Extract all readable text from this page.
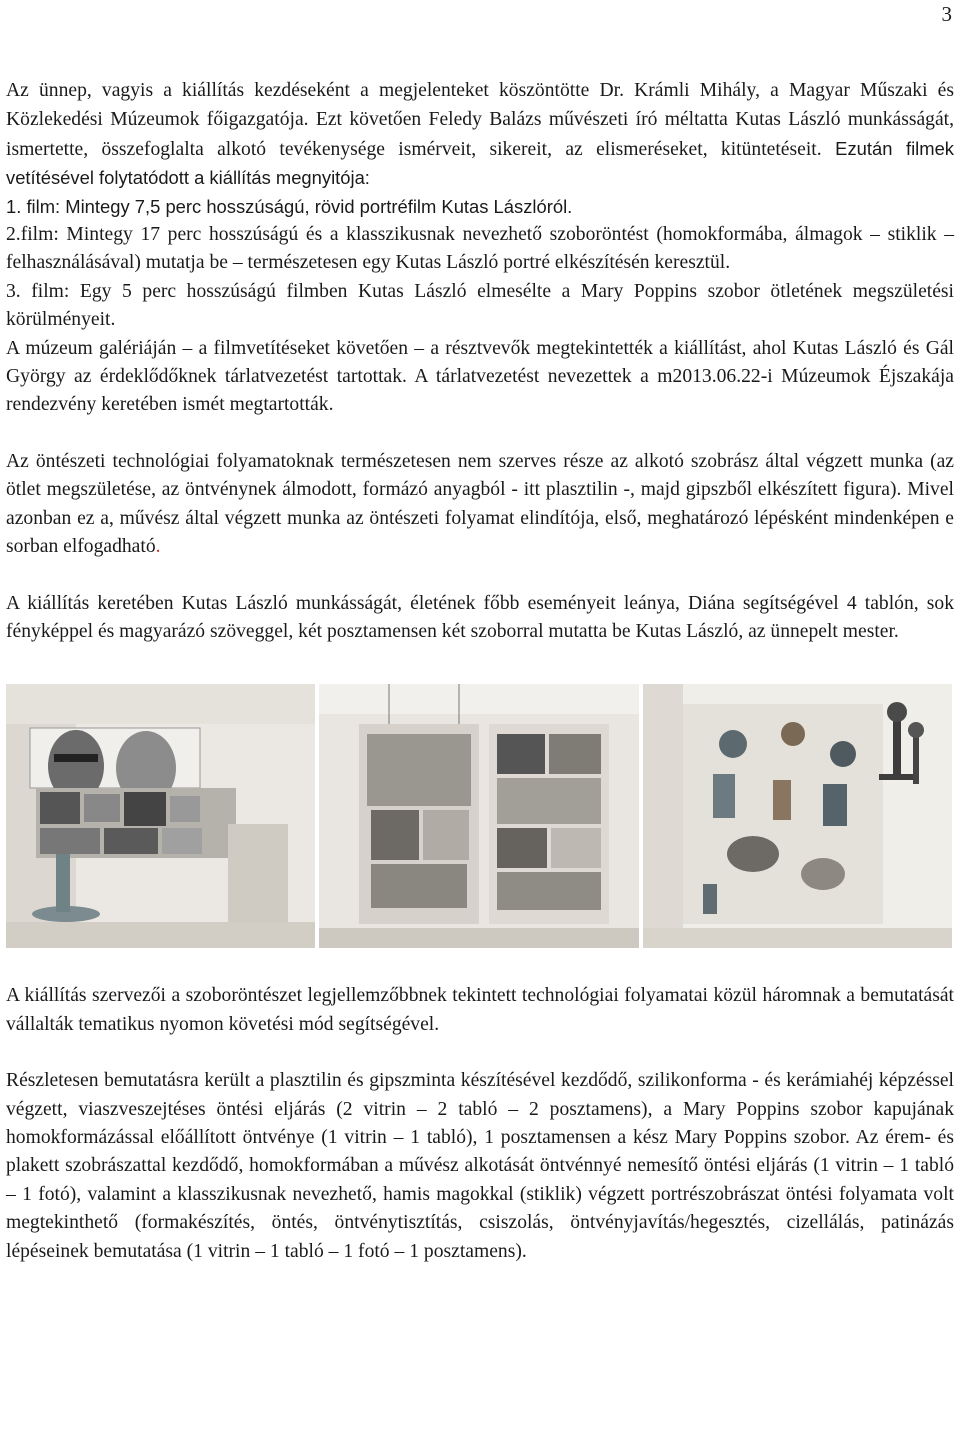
3

Az ünnep, vagyis a kiállítás kezdéseként a megjelenteket köszöntötte Dr. Krámli Mihály, a Magyar Műszaki és Közlekedési Múzeumok főigazgatója. Ezt követően Feledy Balázs művészeti író méltatta Kutas László munkásságát, ismertette, összefoglalta alkotó tevékenysége ismérveit, sikereit, az elismeréseket, kitüntetéseit. Ezután filmek vetítésével folytatódott a kiállítás megnyitója:

1. film: Mintegy 7,5 perc hosszúságú, rövid portréfilm Kutas Lászlóról.

2.film: Mintegy 17 perc hosszúságú és a klasszikusnak nevezhető szoboröntést (homokformába, álmagok – stiklik – felhasználásával) mutatja be – természetesen egy Kutas László portré elkészítésén keresztül.

3. film: Egy 5 perc hosszúságú filmben Kutas László elmesélte a Mary Poppins szobor ötletének megszületési körülményeit.

A múzeum galériáján – a filmvetítéseket követően – a résztvevők megtekintették a kiállítást, ahol Kutas László és Gál György az érdeklődőknek tárlatvezetést tartottak. A tárlatvezetést nevezettek a m2013.06.22-i Múzeumok Éjszakája rendezvény keretében ismét megtartották.

Az öntészeti technológiai folyamatoknak természetesen nem szerves része az alkotó szobrász által végzett munka (az ötlet megszületése, az öntvénynek álmodott, formázó anyagból - itt plasztilin -, majd gipszből elkészített figura). Mivel azonban ez a, művész által végzett munka az öntészeti folyamat elindítója, első, meghatározó lépésként mindenképen e sorban elfogadható.

A kiállítás keretében Kutas László munkásságát, életének főbb eseményeit leánya, Diána segítségével 4 tablón, sok fényképpel és magyarázó szöveggel, két posztamensen két szoborral mutatta be Kutas László, az ünnepelt mester.

A kiállítás szervezői a szoboröntészet legjellemzőbbnek tekintett technológiai folyamatai közül háromnak a bemutatását vállalták tematikus nyomon követési mód segítségével.

Részletesen bemutatásra került a plasztilin és gipszminta készítésével kezdődő, szilikonforma - és kerámiahéj képzéssel végzett, viaszveszejtéses öntési eljárás (2 vitrin – 2 tabló – 2 posztamens), a Mary Poppins szobor kapujának homokformázással előállított öntvénye (1 vitrin – 1 tabló), 1 posztamensen a kész Mary Poppins szobor. Az érem- és plakett szobrászattal kezdődő, homokformában a művész alkotását öntvénnyé nemesítő öntési eljárás (1 vitrin – 1 tabló – 1 fotó), valamint a klasszikusnak nevezhető, hamis magokkal (stiklik) végzett portrészobrászat öntési folyamata volt megtekinthető (formakészítés, öntés, öntvénytisztítás, csiszolás, öntvényjavítás/hegesztés, cizellálás, patinázás lépéseinek bemutatása (1 vitrin – 1 tabló – 1 fotó – 1 posztamens).
